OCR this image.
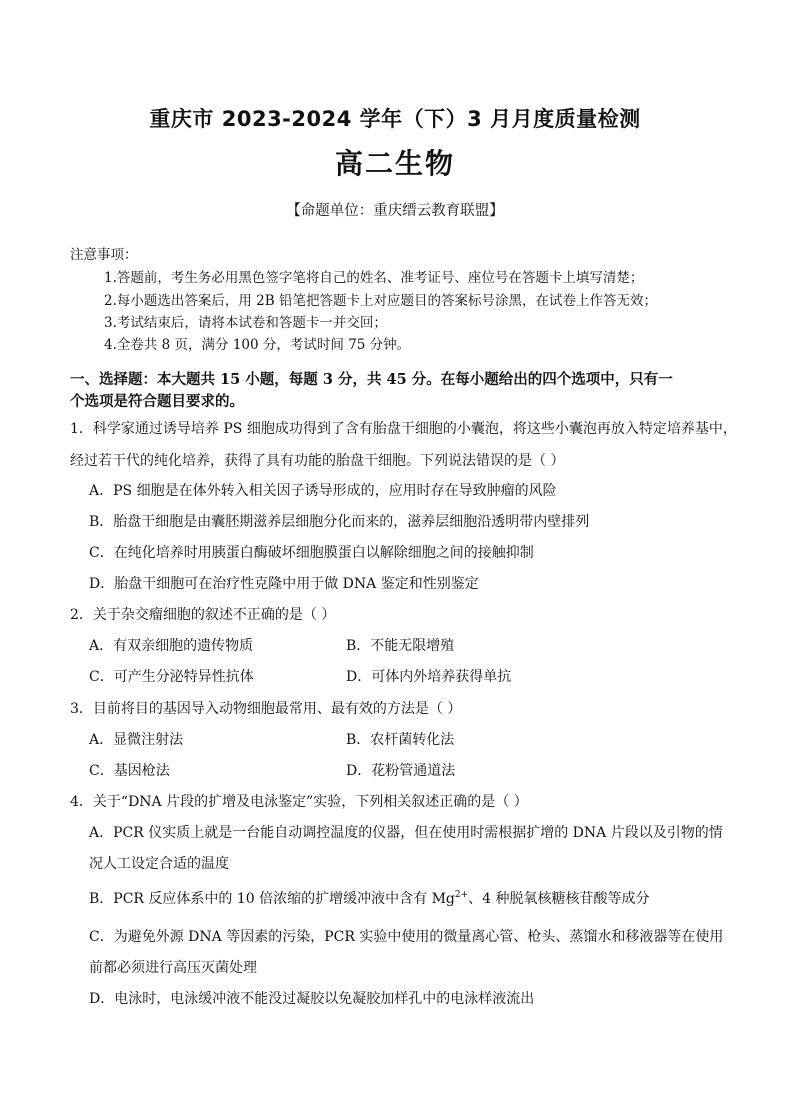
重庆市 2023-2024 学年（下）3 月月度质量检测
高二生物
【命题单位：重庆缙云教育联盟】
注意事项：
1.答题前，考生务必用黑色签字笔将自己的姓名、准考证号、座位号在答题卡上填写清楚；
2.每小题选出答案后，用 2B 铅笔把答题卡上对应题目的答案标号涂黑，在试卷上作答无效；
3.考试结束后，请将本试卷和答题卡一并交回；
4.全卷共 8 页，满分 100 分，考试时间 75 分钟。
一、选择题：本大题共 15 小题，每题 3 分，共 45 分。在每小题给出的四个选项中，只有一
个选项是符合题目要求的。
1．科学家通过诱导培养 PS 细胞成功得到了含有胎盘干细胞的小囊泡，将这些小囊泡再放入特定培养基中，
经过若干代的纯化培养，获得了具有功能的胎盘干细胞。下列说法错误的是（ ）
A．PS 细胞是在体外转入相关因子诱导形成的，应用时存在导致肿瘤的风险
B．胎盘干细胞是由囊胚期滋养层细胞分化而来的，滋养层细胞沿透明带内壁排列
C．在纯化培养时用胰蛋白酶破坏细胞膜蛋白以解除细胞之间的接触抑制
D．胎盘干细胞可在治疗性克隆中用于做 DNA 鉴定和性别鉴定
2．关于杂交瘤细胞的叙述不正确的是（ ）
A．有双亲细胞的遗传物质	B．不能无限增殖
C．可产生分泌特异性抗体	D．可体内外培养获得单抗
3．目前将目的基因导入动物细胞最常用、最有效的方法是（ ）
A．显微注射法	B．农杆菌转化法
C．基因枪法	D．花粉管通道法
4．关于“DNA 片段的扩增及电泳鉴定”实验，下列相关叙述正确的是（ ）
A．PCR 仪实质上就是一台能自动调控温度的仪器，但在使用时需根据扩增的 DNA 片段以及引物的情
况人工设定合适的温度
B．PCR 反应体系中的 10 倍浓缩的扩增缓冲液中含有 $Mg^{2+}$、4 种脱氧核糖核苷酸等成分
C．为避免外源 DNA 等因素的污染，PCR 实验中使用的微量离心管、枪头、蒸馏水和移液器等在使用
前都必须进行高压灭菌处理
D．电泳时，电泳缓冲液不能没过凝胶以免凝胶加样孔中的电泳样液流出
